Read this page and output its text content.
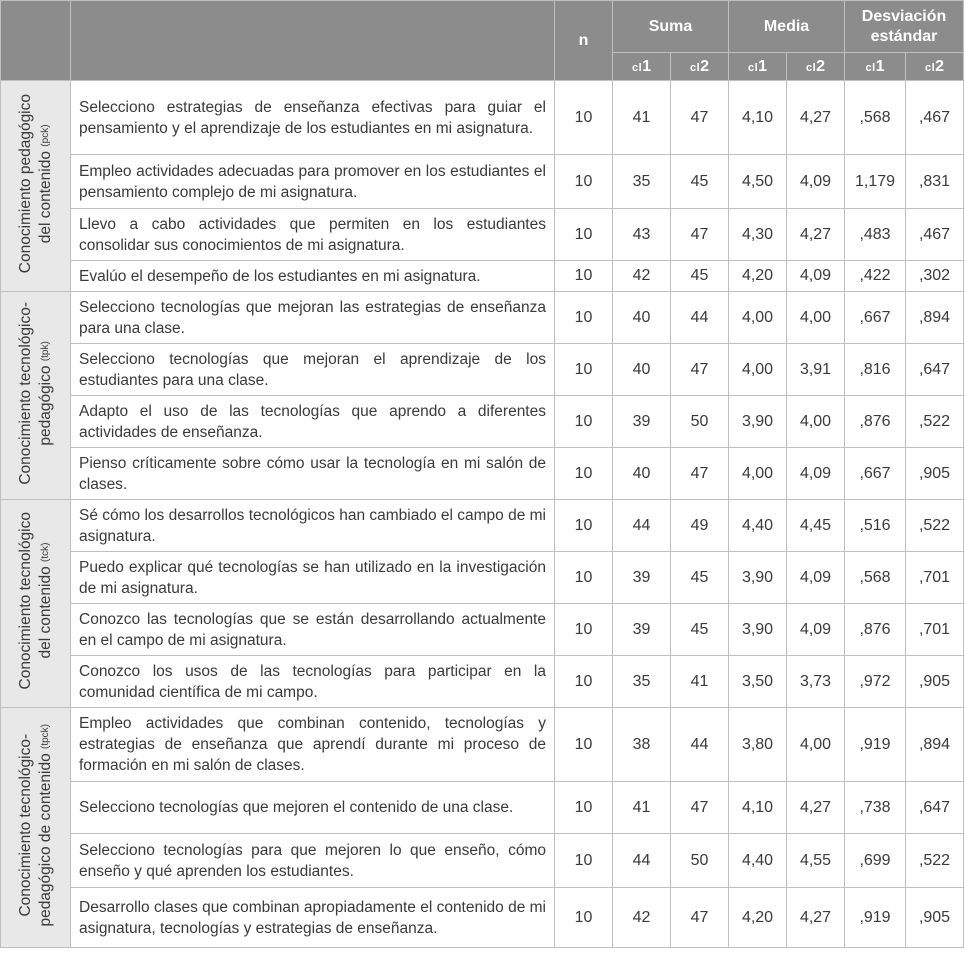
		n	Suma		Media		Desviación estándar	
			cl1	cl2	cl1	cl2	cl1	cl2
Conocimiento pedagógico
del contenido (pck)	Selecciono estrategias de enseñanza efectivas para guiar el pensamiento y el aprendizaje de los estudiantes en mi asignatura.	10	41	47	4,10	4,27	,568	,467
	Empleo actividades adecuadas para promover en los estudiantes el pensamiento complejo de mi asignatura.	10	35	45	4,50	4,09	1,179	,831
	Llevo a cabo actividades que permiten en los estudiantes consolidar sus conocimientos de mi asignatura.	10	43	47	4,30	4,27	,483	,467
	Evalúo el desempeño de los estudiantes en mi asignatura.	10	42	45	4,20	4,09	,422	,302
Conocimiento tecnológico-
pedagógico (tpk)	Selecciono tecnologías que mejoran las estrategias de enseñanza para una clase.	10	40	44	4,00	4,00	,667	,894
	Selecciono tecnologías que mejoran el aprendizaje de los estudiantes para una clase.	10	40	47	4,00	3,91	,816	,647
	Adapto el uso de las tecnologías que aprendo a diferentes actividades de enseñanza.	10	39	50	3,90	4,00	,876	,522
	Pienso críticamente sobre cómo usar la tecnología en mi salón de clases.	10	40	47	4,00	4,09	,667	,905
Conocimiento tecnológico
del contenido (tck)	Sé cómo los desarrollos tecnológicos han cambiado el campo de mi asignatura.	10	44	49	4,40	4,45	,516	,522
	Puedo explicar qué tecnologías se han utilizado en la investigación de mi asignatura.	10	39	45	3,90	4,09	,568	,701
	Conozco las tecnologías que se están desarrollando actualmente en el campo de mi asignatura.	10	39	45	3,90	4,09	,876	,701
	Conozco los usos de las tecnologías para participar en la comunidad científica de mi campo.	10	35	41	3,50	3,73	,972	,905
Conocimiento tecnológico-
pedagógico de contenido (tpck)	Empleo actividades que combinan contenido, tecnologías y estrategias de enseñanza que aprendí durante mi proceso de formación en mi salón de clases.	10	38	44	3,80	4,00	,919	,894
	Selecciono tecnologías que mejoren el contenido de una clase.	10	41	47	4,10	4,27	,738	,647
	Selecciono tecnologías para que mejoren lo que enseño, cómo enseño y qué aprenden los estudiantes.	10	44	50	4,40	4,55	,699	,522
	Desarrollo clases que combinan apropiadamente el contenido de mi asignatura, tecnologías y estrategias de enseñanza.	10	42	47	4,20	4,27	,919	,905
